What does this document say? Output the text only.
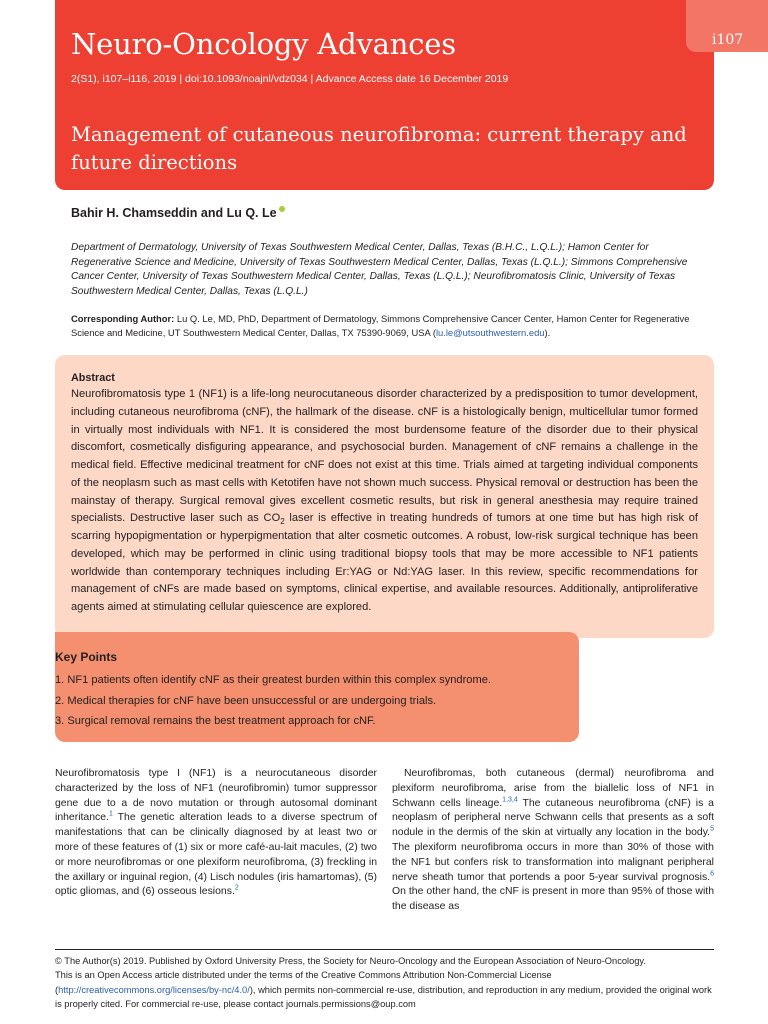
i107
Neuro-Oncology Advances
2(S1), i107–i116, 2019 | doi:10.1093/noajnl/vdz034 | Advance Access date 16 December 2019
Management of cutaneous neurofibroma: current therapy and future directions
Bahir H. Chamseddin and Lu Q. Le

Department of Dermatology, University of Texas Southwestern Medical Center, Dallas, Texas (B.H.C., L.Q.L.); Hamon Center for Regenerative Science and Medicine, University of Texas Southwestern Medical Center, Dallas, Texas (L.Q.L.); Simmons Comprehensive Cancer Center, University of Texas Southwestern Medical Center, Dallas, Texas (L.Q.L.); Neurofibromatosis Clinic, University of Texas Southwestern Medical Center, Dallas, Texas (L.Q.L.)

Corresponding Author: Lu Q. Le, MD, PhD, Department of Dermatology, Simmons Comprehensive Cancer Center, Hamon Center for Regenerative Science and Medicine, UT Southwestern Medical Center, Dallas, TX 75390-9069, USA (lu.le@utsouthwestern.edu).

Abstract

Neurofibromatosis type 1 (NF1) is a life-long neurocutaneous disorder characterized by a predisposition to tumor development, including cutaneous neurofibroma (cNF), the hallmark of the disease. cNF is a histologically benign, multicellular tumor formed in virtually most individuals with NF1. It is considered the most burdensome feature of the disorder due to their physical discomfort, cosmetically disfiguring appearance, and psychosocial burden. Management of cNF remains a challenge in the medical field. Effective medicinal treatment for cNF does not exist at this time. Trials aimed at targeting individual components of the neoplasm such as mast cells with Ketotifen have not shown much success. Physical removal or destruction has been the mainstay of therapy. Surgical removal gives excellent cosmetic results, but risk in general anesthesia may require trained specialists. Destructive laser such as $CO_2$ laser is effective in treating hundreds of tumors at one time but has high risk of scarring hypopigmentation or hyperpigmentation that alter cosmetic outcomes. A robust, low-risk surgical technique has been developed, which may be performed in clinic using traditional biopsy tools that may be more accessible to NF1 patients worldwide than contemporary techniques including Er:YAG or Nd:YAG laser. In this review, specific recommendations for management of cNFs are made based on symptoms, clinical expertise, and available resources. Additionally, antiproliferative agents aimed at stimulating cellular quiescence are explored.

Key Points
1. NF1 patients often identify cNF as their greatest burden within this complex syndrome.
2. Medical therapies for cNF have been unsuccessful or are undergoing trials.
3. Surgical removal remains the best treatment approach for cNF.

Neurofibromatosis type I (NF1) is a neurocutaneous disorder characterized by the loss of NF1 (neurofibromin) tumor suppressor gene due to a de novo mutation or through autosomal dominant inheritance.$^1$ The genetic alteration leads to a diverse spectrum of manifestations that can be clinically diagnosed by at least two or more of these features of (1) six or more café-au-lait macules, (2) two or more neurofibromas or one plexiform neurofibroma, (3) freckling in the axillary or inguinal region, (4) Lisch nodules (iris hamartomas), (5) optic gliomas, and (6) osseous lesions.$^2$

Neurofibromas, both cutaneous (dermal) neurofibroma and plexiform neurofibroma, arise from the biallelic loss of NF1 in Schwann cells lineage.$^{1,3,4}$ The cutaneous neurofibroma (cNF) is a neoplasm of peripheral nerve Schwann cells that presents as a soft nodule in the dermis of the skin at virtually any location in the body.$^5$ The plexiform neurofibroma occurs in more than 30% of those with the NF1 but confers risk to transformation into malignant peripheral nerve sheath tumor that portends a poor 5-year survival prognosis.$^6$ On the other hand, the cNF is present in more than 95% of those with the disease as

© The Author(s) 2019. Published by Oxford University Press, the Society for Neuro-Oncology and the European Association of Neuro-Oncology.
This is an Open Access article distributed under the terms of the Creative Commons Attribution Non-Commercial License (http://creativecommons.org/licenses/by-nc/4.0/), which permits non-commercial re-use, distribution, and reproduction in any medium, provided the original work is properly cited. For commercial re-use, please contact journals.permissions@oup.com
